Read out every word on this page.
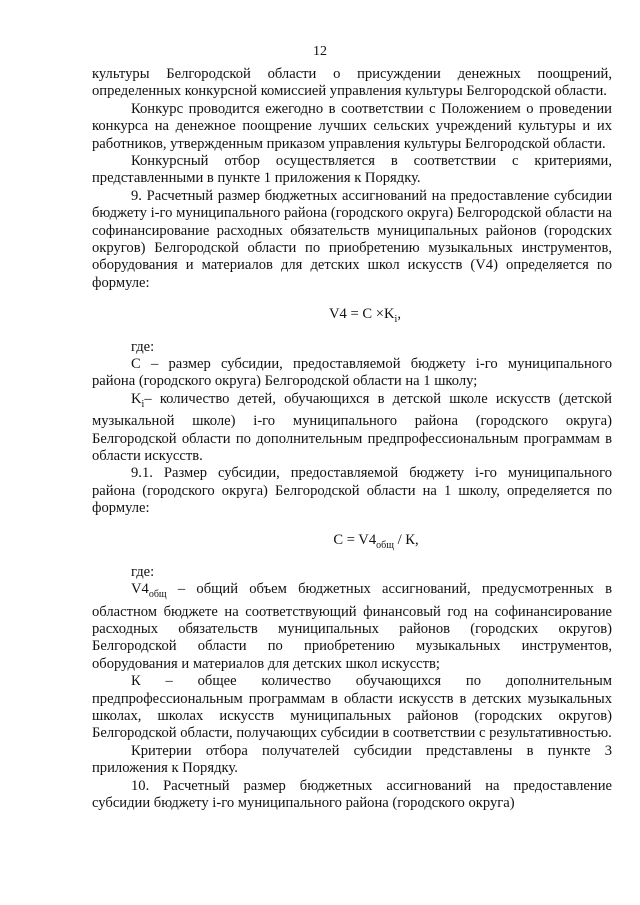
12

культуры Белгородской области о присуждении денежных поощрений, определенных конкурсной комиссией управления культуры Белгородской области.

Конкурс проводится ежегодно в соответствии с Положением о проведении конкурса на денежное поощрение лучших сельских учреждений культуры и их работников, утвержденным приказом управления культуры Белгородской области.

Конкурсный отбор осуществляется в соответствии с критериями, представленными в пункте 1 приложения к Порядку.

9. Расчетный размер бюджетных ассигнований на предоставление субсидии бюджету i-го муниципального района (городского округа) Белгородской области на софинансирование расходных обязательств муниципальных районов (городских округов) Белгородской области по приобретению музыкальных инструментов, оборудования и материалов для детских школ искусств (V4) определяется по формуле:

$V4 = C \times K_i$,

где:

С – размер субсидии, предоставляемой бюджету i-го муниципального района (городского округа) Белгородской области на 1 школу;

$K_i-$ количество детей, обучающихся в детской школе искусств (детской музыкальной школе) i-го муниципального района (городского округа) Белгородской области по дополнительным предпрофессиональным программам в области искусств.

9.1. Размер субсидии, предоставляемой бюджету i-го муниципального района (городского округа) Белгородской области на 1 школу, определяется по формуле:

$C = V4_{общ} / К$,

где:

$V4_{общ}$ – общий объем бюджетных ассигнований, предусмотренных в областном бюджете на соответствующий финансовый год на софинансирование расходных обязательств муниципальных районов (городских округов) Белгородской области по приобретению музыкальных инструментов, оборудования и материалов для детских школ искусств;

К – общее количество обучающихся по дополнительным предпрофессиональным программам в области искусств в детских музыкальных школах, школах искусств муниципальных районов (городских округов) Белгородской области, получающих субсидии в соответствии с результативностью.

Критерии отбора получателей субсидии представлены в пункте 3 приложения к Порядку.

10. Расчетный размер бюджетных ассигнований на предоставление субсидии бюджету i-го муниципального района (городского округа)
